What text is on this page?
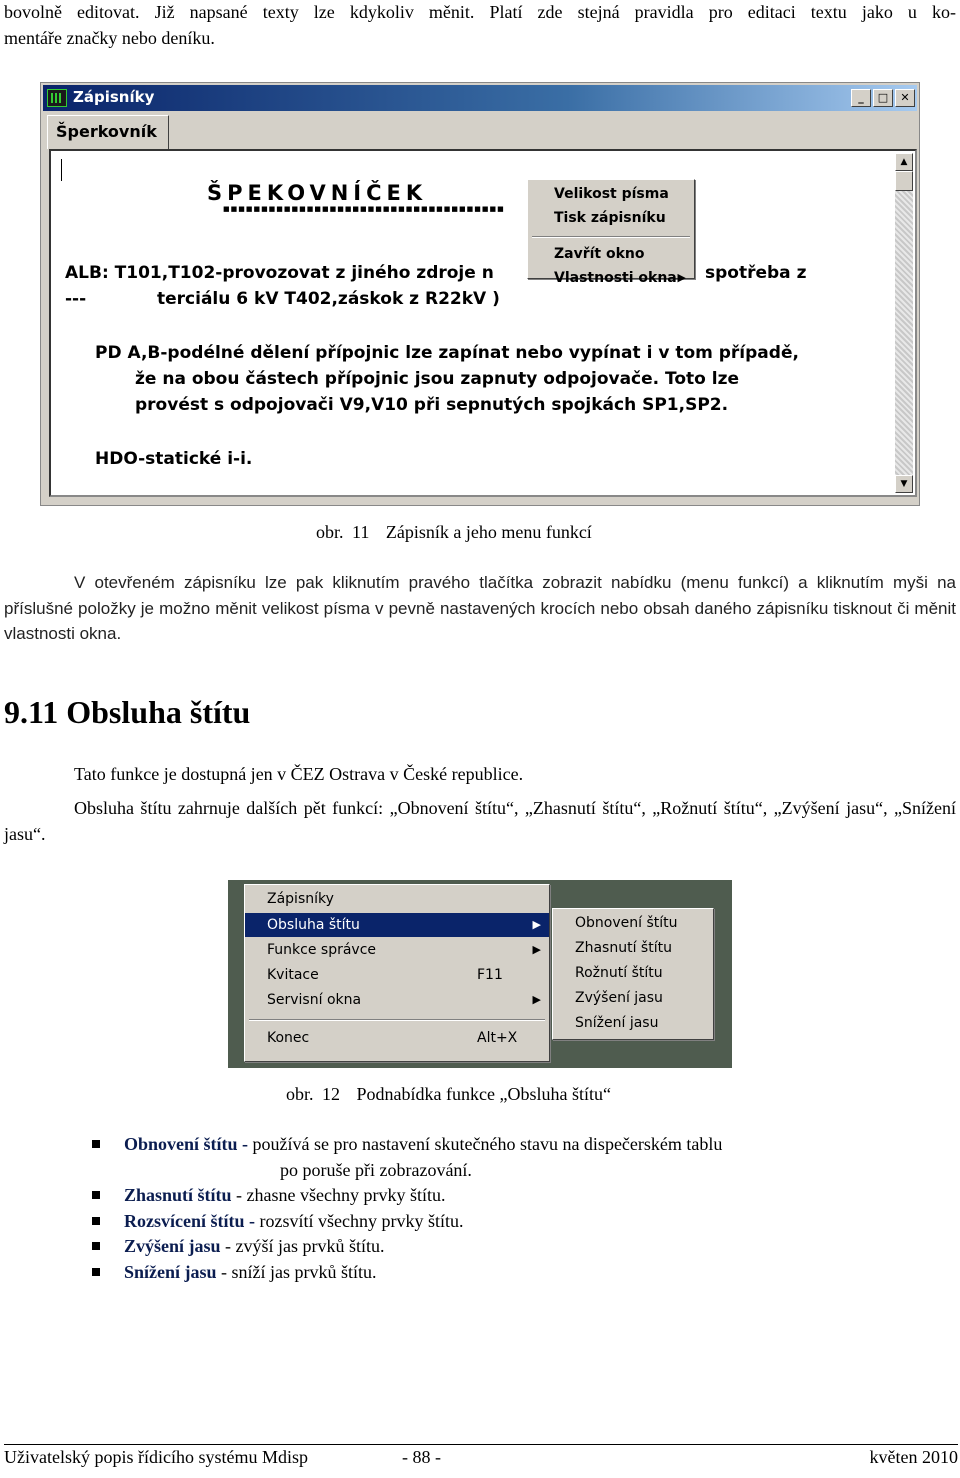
bovolně editovat. Již napsané texty lze kdykoliv měnit. Platí zde stejná pravidla pro editaci textu jako u ko-
mentáře značky nebo deníku.
Zápisníky	_	□	✕
Šperkovník
ŠPEKOVNÍČEK
■■■■■■■■■■■■■■■■■■■■■■■■■■■■■■■■■■■■■
ALB: T101,T102-provozovat z jiného zdroje n	spotřeba z
---	terciálu 6 kV T402,záskok z R22kV )
PD A,B-podélné dělení přípojnic lze zapínat nebo vypínat i v tom případě,
že na obou částech přípojnic jsou zapnuty odpojovače. Toto lze
provést s odpojovači V9,V10 při sepnutých spojkách SP1,SP2.
HDO-statické i-i.
▲
▼
Velikost písma
Tisk zápisníku
Zavřít okno
Vlastnosti okna ▶
obr. 11 Zápisník a jeho menu funkcí
V otevřeném zápisníku lze pak kliknutím pravého tlačítka zobrazit nabídku (menu funkcí) a kliknutím myši na příslušné položky je možno měnit velikost písma v pevně nastavených krocích nebo obsah daného zápisníku tisknout či měnit vlastnosti okna.
9.11 Obsluha štítu
Tato funkce je dostupná jen v ČEZ Ostrava v České republice.
Obsluha štítu zahrnuje dalších pět funkcí: „Obnovení štítu“, „Zhasnutí štítu“, „Rožnutí štítu“, „Zvýšení jasu“, „Snížení jasu“.
Zápisníky
Obsluha štítu	▶
Funkce správce	▶
Kvitace	F11
Servisní okna	▶
Konec	Alt+X
Obnovení štítu
Zhasnutí štítu
Rožnutí štítu
Zvýšení jasu
Snížení jasu
obr. 12 Podnabídka funkce „Obsluha štítu“
Obnovení štítu - používá se pro nastavení skutečného stavu na dispečerském tablu
po poruše při zobrazování.
Zhasnutí štítu - zhasne všechny prvky štítu.
Rozsvícení štítu - rozsvítí všechny prvky štítu.
Zvýšení jasu - zvýší jas prvků štítu.
Snížení jasu - sníží jas prvků štítu.
Uživatelský popis řídicího systému Mdisp	- 88 -	květen 2010
